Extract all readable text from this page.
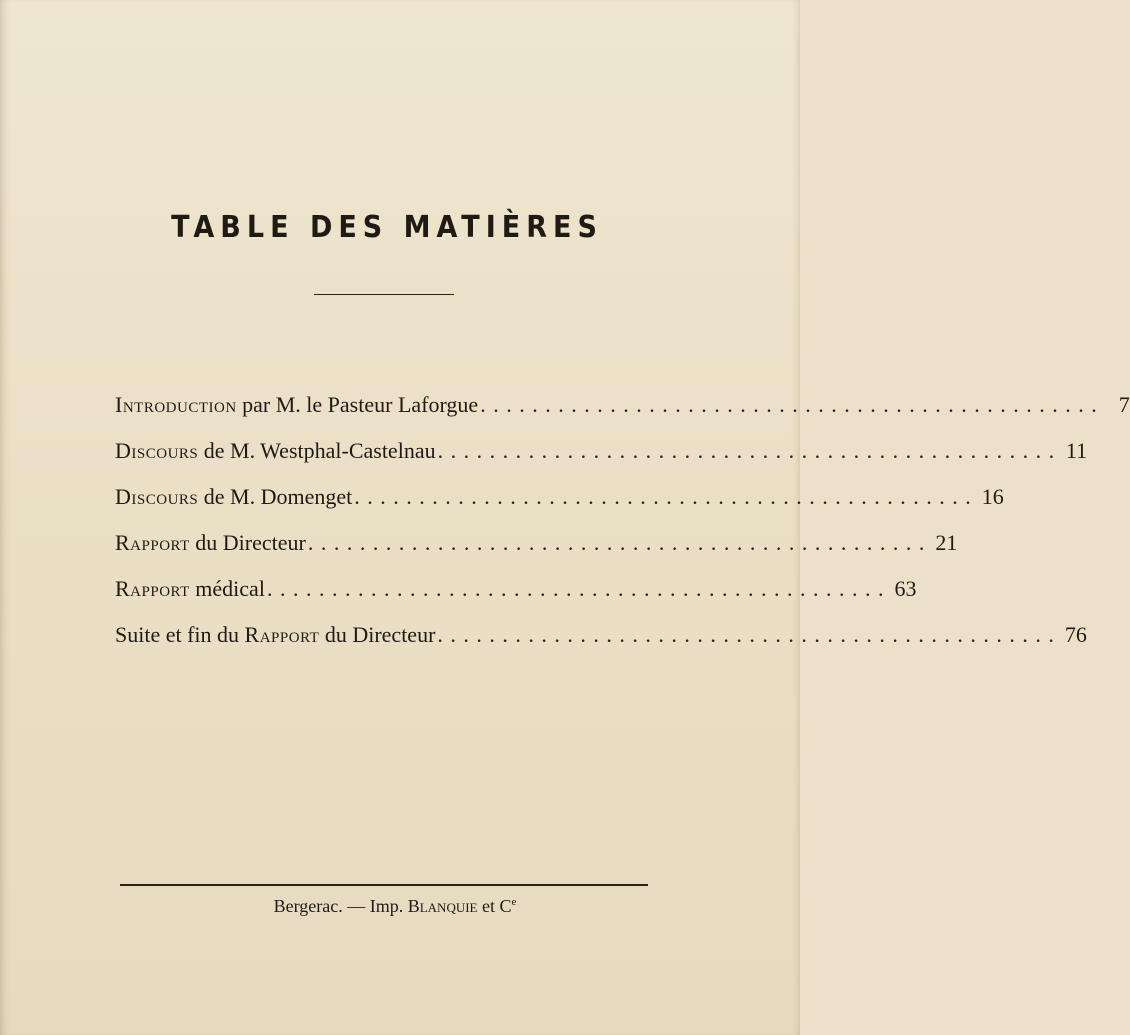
TABLE DES MATIÈRES
Introduction par M. le Pasteur Laforgue . . . . . . . . . . . . . . . . . . . . . . . . . . . . . . . . . . . . . . . . . . . . . . . . 7
Discours de M. Westphal-Castelnau . . . . . . . . . . . . . . . . . . . . . . . . . . . . . . . . . . . . . . . . . . . . . . . . 11
Discours de M. Domenget . . . . . . . . . . . . . . . . . . . . . . . . . . . . . . . . . . . . . . . . . . . . . . . . 16
Rapport du Directeur . . . . . . . . . . . . . . . . . . . . . . . . . . . . . . . . . . . . . . . . . . . . . . . . 21
Rapport médical . . . . . . . . . . . . . . . . . . . . . . . . . . . . . . . . . . . . . . . . . . . . . . . . 63
Suite et fin du Rapport du Directeur . . . . . . . . . . . . . . . . . . . . . . . . . . . . . . . . . . . . . . . . . . . . . . . . 76
Bergerac. — Imp. Blanquie et Ce
